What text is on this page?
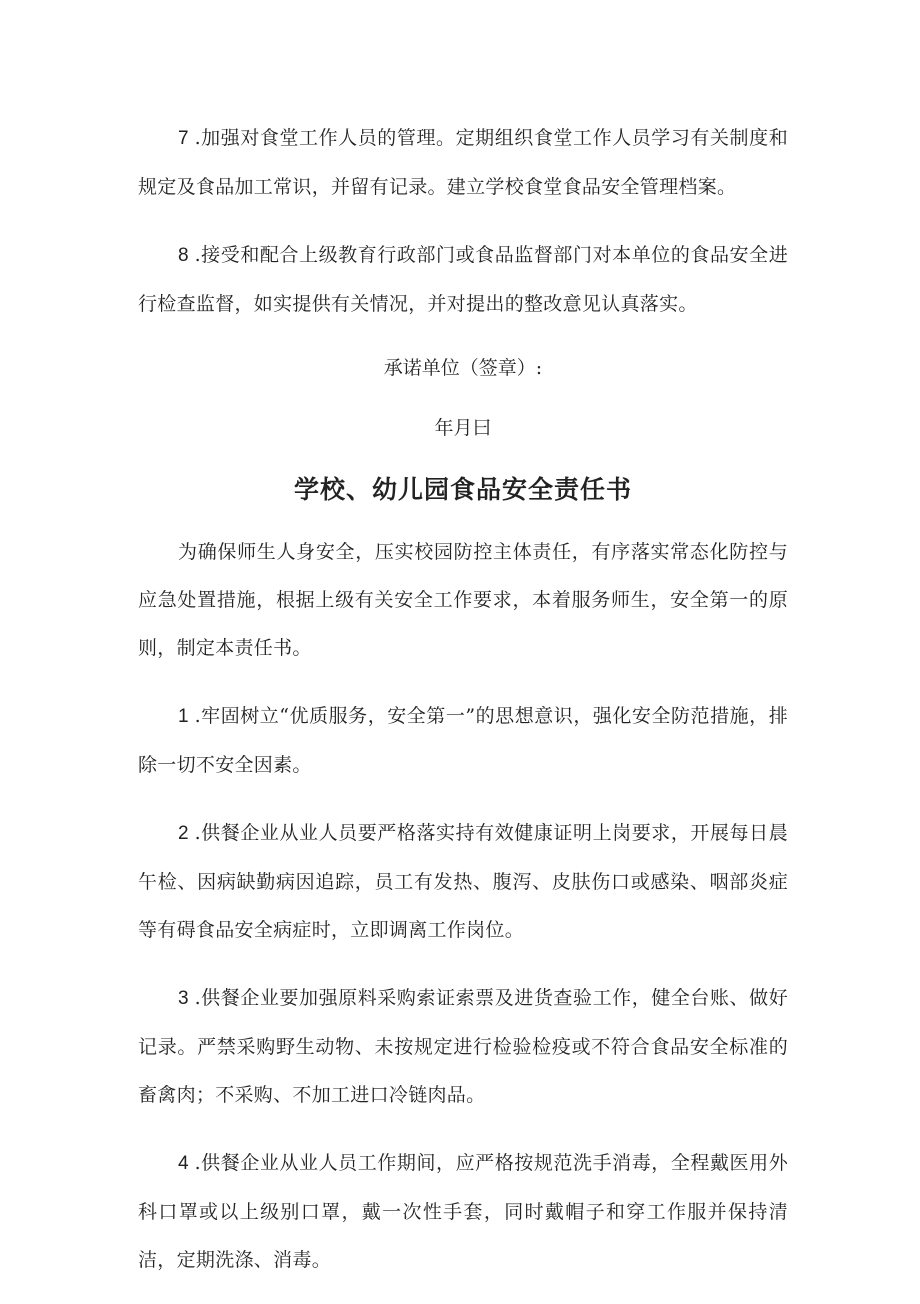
7.加强对食堂工作人员的管理。定期组织食堂工作人员学习有关制度和规定及食品加工常识，并留有记录。建立学校食堂食品安全管理档案。

8.接受和配合上级教育行政部门或食品监督部门对本单位的食品安全进行检查监督，如实提供有关情况，并对提出的整改意见认真落实。

承诺单位（签章）:

年月曰

学校、幼儿园食品安全责任书

为确保师生人身安全，压实校园防控主体责任，有序落实常态化防控与应急处置措施，根据上级有关安全工作要求，本着服务师生，安全第一的原则，制定本责任书。

1.牢固树立“优质服务，安全第一”的思想意识，强化安全防范措施，排除一切不安全因素。

2.供餐企业从业人员要严格落实持有效健康证明上岗要求，开展每日晨午检、因病缺勤病因追踪，员工有发热、腹泻、皮肤伤口或感染、咽部炎症等有碍食品安全病症时，立即调离工作岗位。

3.供餐企业要加强原料采购索证索票及进货查验工作，健全台账、做好记录。严禁采购野生动物、未按规定进行检验检疫或不符合食品安全标准的畜禽肉；不采购、不加工进口冷链肉品。

4.供餐企业从业人员工作期间，应严格按规范洗手消毒，全程戴医用外科口罩或以上级别口罩，戴一次性手套，同时戴帽子和穿工作服并保持清洁，定期洗涤、消毒。
